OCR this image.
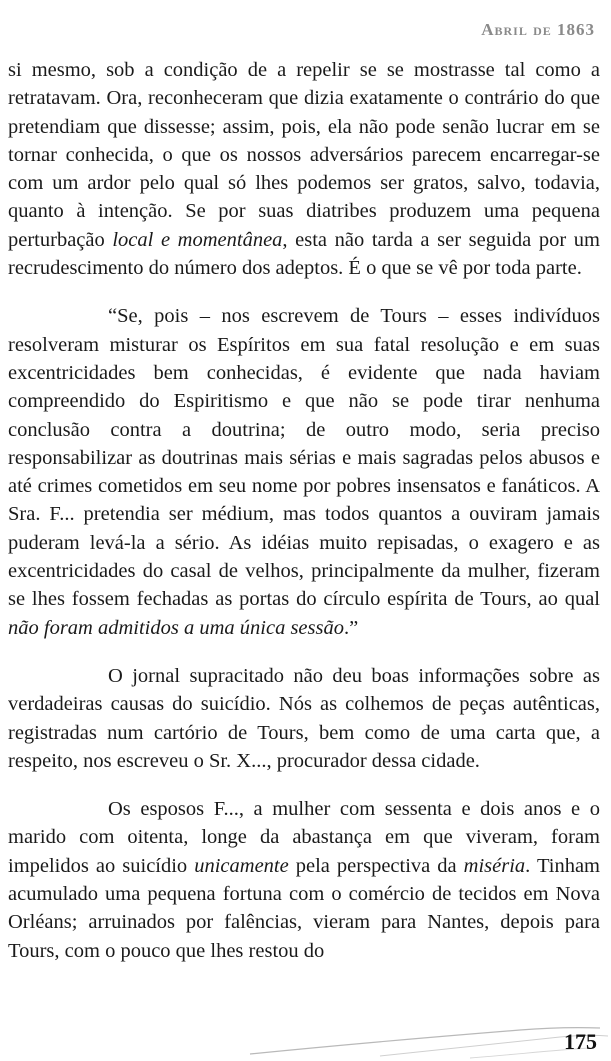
Abril de 1863

si mesmo, sob a condição de a repelir se se mostrasse tal como a retratavam. Ora, reconheceram que dizia exatamente o contrário do que pretendiam que dissesse; assim, pois, ela não pode senão lucrar em se tornar conhecida, o que os nossos adversários parecem encarregar-se com um ardor pelo qual só lhes podemos ser gratos, salvo, todavia, quanto à intenção. Se por suas diatribes produzem uma pequena perturbação local e momentânea, esta não tarda a ser seguida por um recrudescimento do número dos adeptos. É o que se vê por toda parte.

“Se, pois – nos escrevem de Tours – esses indivíduos resolveram misturar os Espíritos em sua fatal resolução e em suas excentricidades bem conhecidas, é evidente que nada haviam compreendido do Espiritismo e que não se pode tirar nenhuma conclusão contra a doutrina; de outro modo, seria preciso responsabilizar as doutrinas mais sérias e mais sagradas pelos abusos e até crimes cometidos em seu nome por pobres insensatos e fanáticos. A Sra. F... pretendia ser médium, mas todos quantos a ouviram jamais puderam levá-la a sério. As idéias muito repisadas, o exagero e as excentricidades do casal de velhos, principalmente da mulher, fizeram se lhes fossem fechadas as portas do círculo espírita de Tours, ao qual não foram admitidos a uma única sessão.”

O jornal supracitado não deu boas informações sobre as verdadeiras causas do suicídio. Nós as colhemos de peças autênticas, registradas num cartório de Tours, bem como de uma carta que, a respeito, nos escreveu o Sr. X..., procurador dessa cidade.

Os esposos F..., a mulher com sessenta e dois anos e o marido com oitenta, longe da abastança em que viveram, foram impelidos ao suicídio unicamente pela perspectiva da miséria. Tinham acumulado uma pequena fortuna com o comércio de tecidos em Nova Orléans; arruinados por falências, vieram para Nantes, depois para Tours, com o pouco que lhes restou do

175
